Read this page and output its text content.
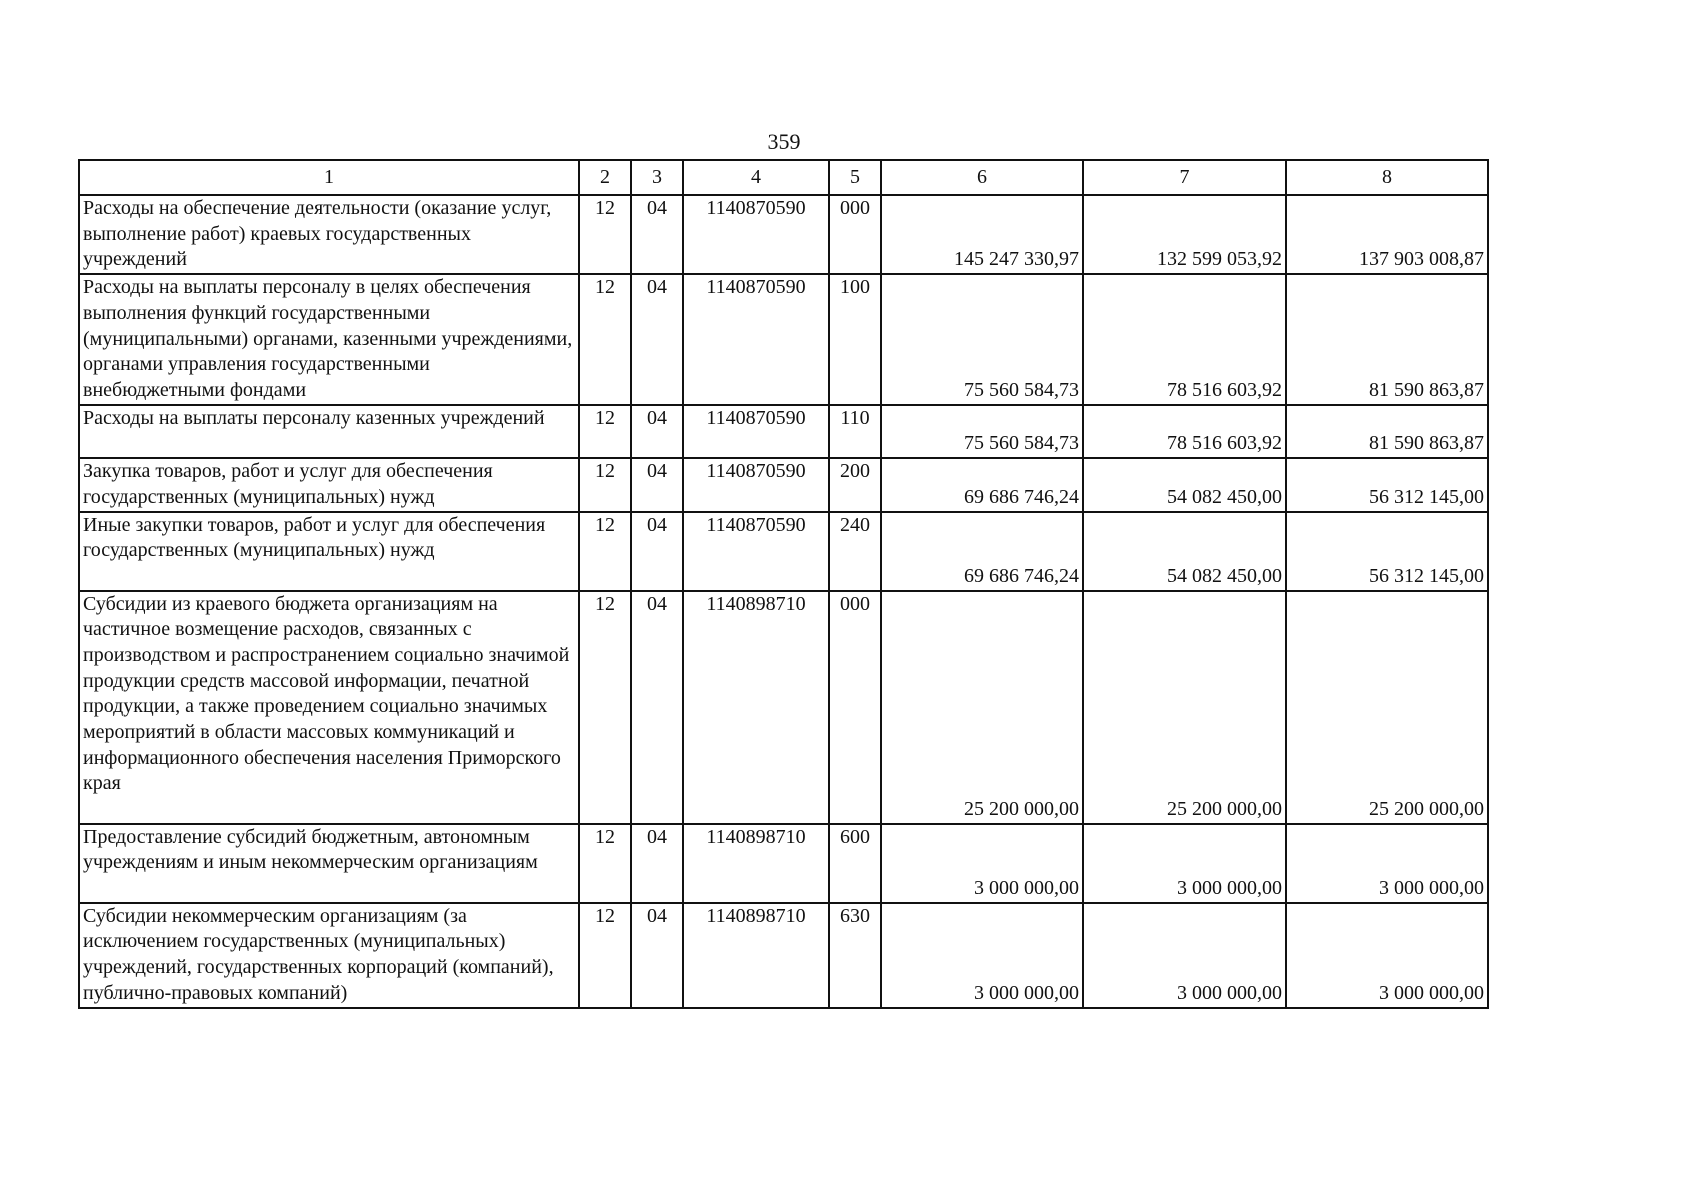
359
1	2	3	4	5	6	7	8
Расходы на обеспечение деятельности (оказание услуг, выполнение работ) краевых государственных учреждений	12	04	1140870590	000	145 247 330,97	132 599 053,92	137 903 008,87
Расходы на выплаты персоналу в целях обеспечения выполнения функций государственными (муниципальными) органами, казенными учреждениями, органами управления государственными внебюджетными фондами	12	04	1140870590	100	75 560 584,73	78 516 603,92	81 590 863,87
Расходы на выплаты персоналу казенных учреждений	12	04	1140870590	110	75 560 584,73	78 516 603,92	81 590 863,87
Закупка товаров, работ и услуг для обеспечения государственных (муниципальных) нужд	12	04	1140870590	200	69 686 746,24	54 082 450,00	56 312 145,00
Иные закупки товаров, работ и услуг для обеспечения государственных (муниципальных) нужд	12	04	1140870590	240	69 686 746,24	54 082 450,00	56 312 145,00
Субсидии из краевого бюджета организациям на частичное возмещение расходов, связанных с производством и распространением социально значимой продукции средств массовой информации, печатной продукции, а также проведением социально значимых мероприятий в области массовых коммуникаций и информационного обеспечения населения Приморского края	12	04	1140898710	000	25 200 000,00	25 200 000,00	25 200 000,00
Предоставление субсидий бюджетным, автономным учреждениям и иным некоммерческим организациям	12	04	1140898710	600	3 000 000,00	3 000 000,00	3 000 000,00
Субсидии некоммерческим организациям (за исключением государственных (муниципальных) учреждений, государственных корпораций (компаний), публично-правовых компаний)	12	04	1140898710	630	3 000 000,00	3 000 000,00	3 000 000,00
